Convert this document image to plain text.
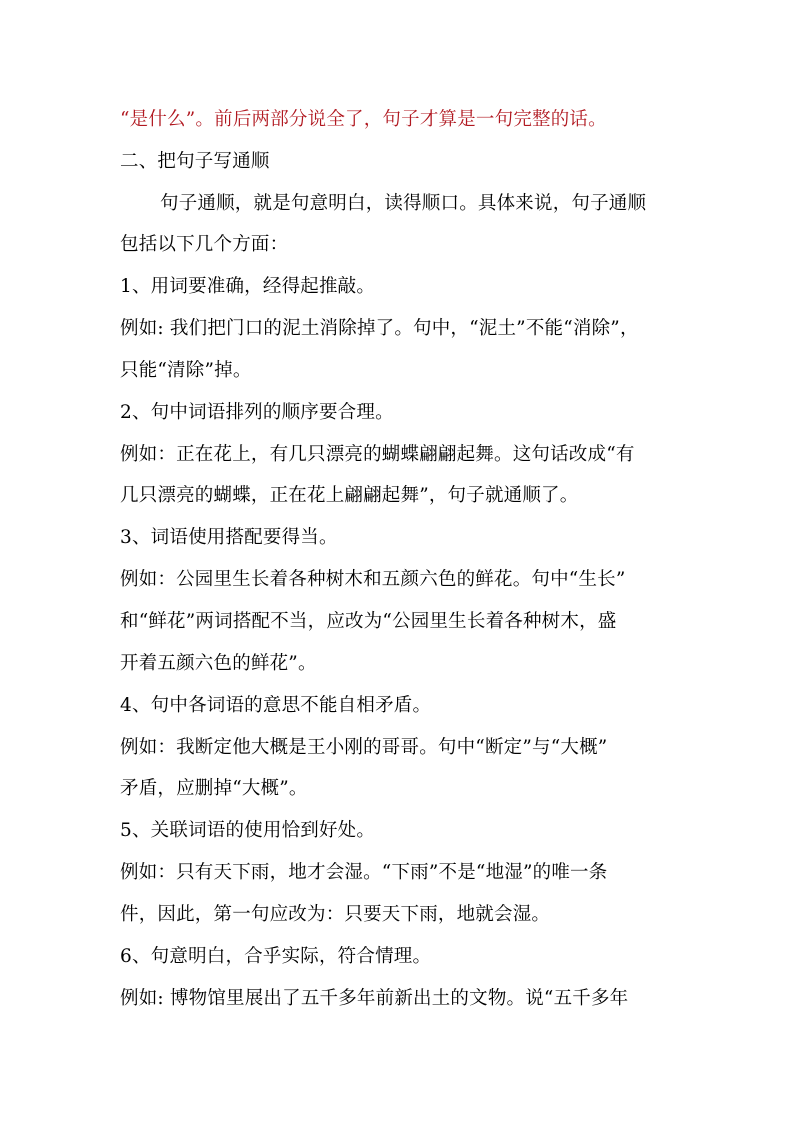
“是什么”。前后两部分说全了，句子才算是一句完整的话。
二、把句子写通顺
句子通顺，就是句意明白，读得顺口。具体来说，句子通顺
包括以下几个方面：
1、用词要准确，经得起推敲。
例如: 我们把门口的泥土消除掉了。句中，“泥土”不能“消除”，
只能“清除”掉。
2、句中词语排列的顺序要合理。
例如：正在花上，有几只漂亮的蝴蝶翩翩起舞。这句话改成“有
几只漂亮的蝴蝶，正在花上翩翩起舞”，句子就通顺了。
3、词语使用搭配要得当。
例如：公园里生长着各种树木和五颜六色的鲜花。句中“生长”
和“鲜花”两词搭配不当，应改为“公园里生长着各种树木，盛
开着五颜六色的鲜花”。
4、句中各词语的意思不能自相矛盾。
例如：我断定他大概是王小刚的哥哥。句中“断定”与“大概”
矛盾，应删掉“大概”。
5、关联词语的使用恰到好处。
例如：只有天下雨，地才会湿。“下雨”不是“地湿”的唯一条
件，因此，第一句应改为：只要天下雨，地就会湿。
6、句意明白，合乎实际，符合情理。
例如: 博物馆里展出了五千多年前新出土的文物。说“五千多年
